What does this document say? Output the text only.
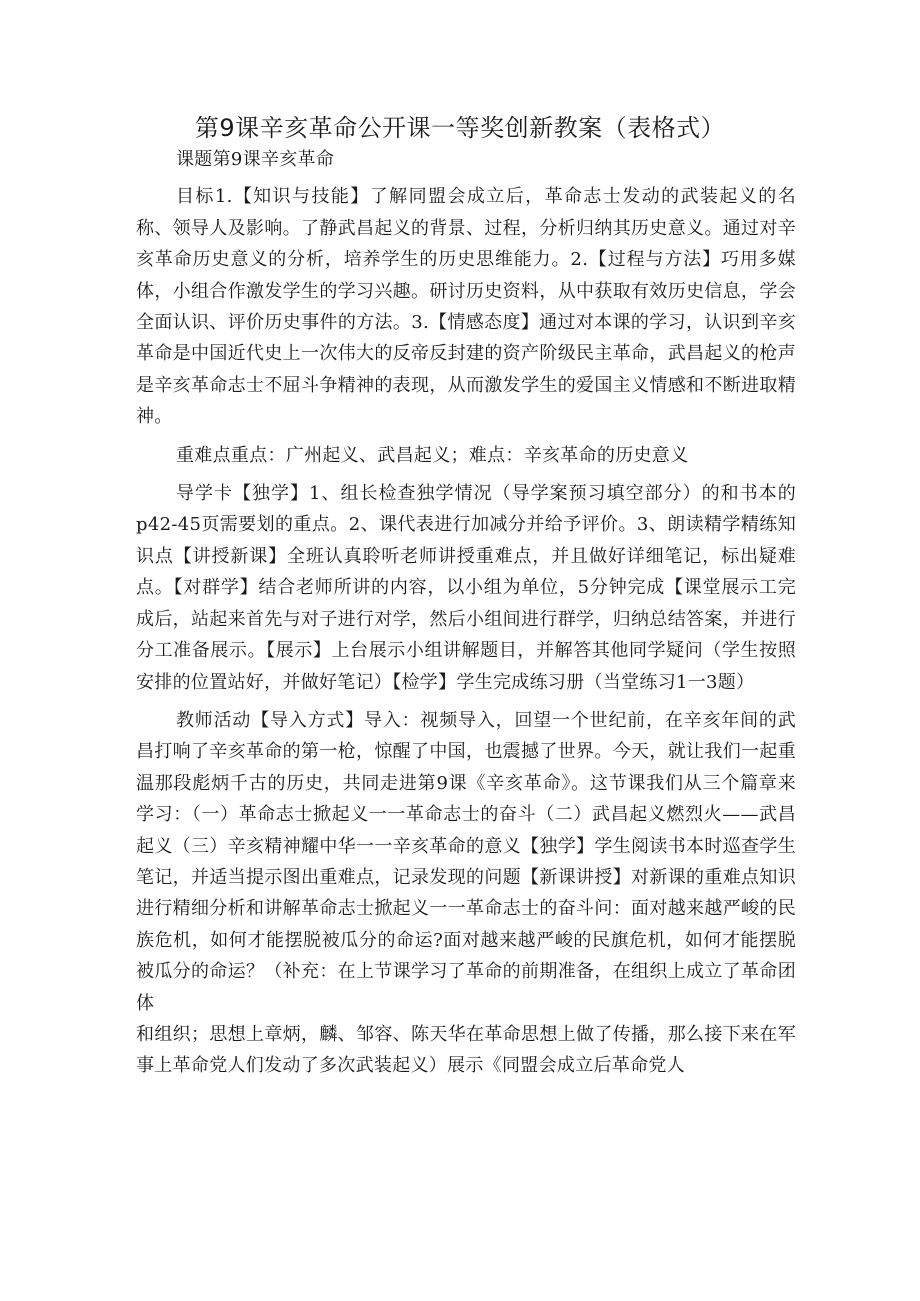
第9课辛亥革命公开课一等奖创新教案（表格式）

课题第9课辛亥革命

目标1.【知识与技能】了解同盟会成立后，革命志士发动的武装起义的名称、领导人及影响。了静武昌起义的背景、过程，分析归纳其历史意义。通过对辛亥革命历史意义的分析，培养学生的历史思维能力。2.【过程与方法】巧用多媒体，小组合作激发学生的学习兴趣。研讨历史资料，从中获取有效历史信息，学会全面认识、评价历史事件的方法。3.【情感态度】通过对本课的学习，认识到辛亥革命是中国近代史上一次伟大的反帝反封建的资产阶级民主革命，武昌起义的枪声是辛亥革命志士不屈斗争精神的表现，从而激发学生的爱国主义情感和不断进取精神。

重难点重点：广州起义、武昌起义；难点：辛亥革命的历史意义

导学卡【独学】1、组长检查独学情况（导学案预习填空部分）的和书本的p42-45页需要划的重点。2、课代表进行加减分并给予评价。3、朗读精学精练知识点【讲授新课】全班认真聆听老师讲授重难点，并且做好详细笔记，标出疑难点。【对群学】结合老师所讲的内容，以小组为单位，5分钟完成【课堂展示工完成后，站起来首先与对子进行对学，然后小组间进行群学，归纳总结答案，并进行分工准备展示。【展示】上台展示小组讲解题目，并解答其他同学疑问（学生按照安排的位置站好，并做好笔记）【检学】学生完成练习册（当堂练习1一3题）

教师活动【导入方式】导入：视频导入，回望一个世纪前，在辛亥年间的武昌打响了辛亥革命的第一枪，惊醒了中国，也震撼了世界。今天，就让我们一起重温那段彪炳千古的历史，共同走进第9课《辛亥革命》。这节课我们从三个篇章来学习：（一）革命志士掀起义一一革命志士的奋斗（二）武昌起义燃烈火——武昌起义（三）辛亥精神耀中华一一辛亥革命的意义【独学】学生阅读书本时巡查学生笔记，并适当提示图出重难点，记录发现的问题【新课讲授】对新课的重难点知识进行精细分析和讲解革命志士掀起义一一革命志士的奋斗问：面对越来越严峻的民族危机，如何才能摆脱被瓜分的命运?面对越来越严峻的民旗危机，如何才能摆脱被瓜分的命运？（补充：在上节课学习了革命的前期准备，在组织上成立了革命团体

和组织；思想上章炳，麟、邹容、陈天华在革命思想上做了传播，那么接下来在军事上革命党人们发动了多次武装起义）展示《同盟会成立后革命党人
